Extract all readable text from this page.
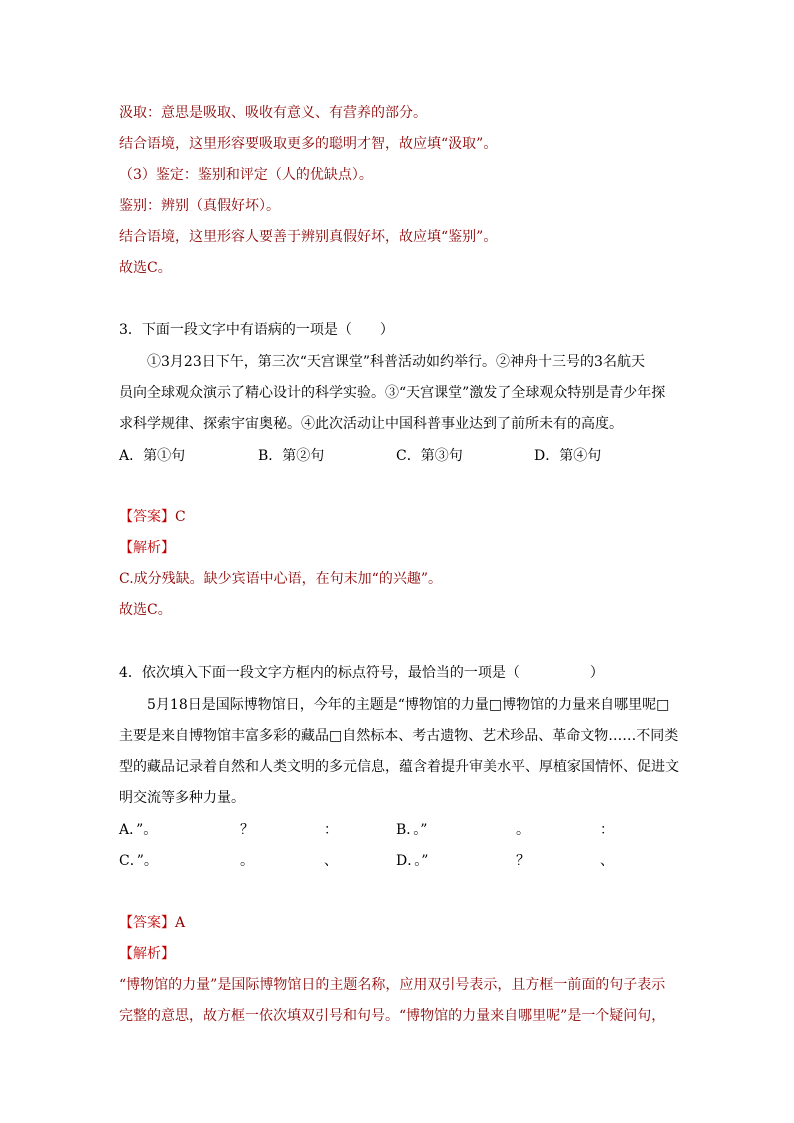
汲取：意思是吸取、吸收有意义、有营养的部分。
结合语境，这里形容要吸取更多的聪明才智，故应填“汲取”。
（3）鉴定：鉴别和评定（人的优缺点）。
鉴别：辨别（真假好坏）。
结合语境，这里形容人要善于辨别真假好坏，故应填“鉴别”。
故选C。
3．下面一段文字中有语病的一项是（　　）
①3月23日下午，第三次“天宫课堂”科普活动如约举行。②神舟十三号的3名航天
员向全球观众演示了精心设计的科学实验。③“天宫课堂”激发了全球观众特别是青少年探
求科学规律、探索宇宙奥秘。④此次活动让中国科普事业达到了前所未有的高度。
A．第①句	B．第②句	C．第③句	D．第④句
【答案】C
【解析】
C.成分残缺。缺少宾语中心语，在句末加“的兴趣”。
故选C。
4．依次填入下面一段文字方框内的标点符号，最恰当的一项是（　　　　　）
5月18日是国际博物馆日，今年的主题是“博物馆的力量□博物馆的力量来自哪里呢□
主要是来自博物馆丰富多彩的藏品□自然标本、考古遗物、艺术珍品、革命文物……不同类
型的藏品记录着自然和人类文明的多元信息，蕴含着提升审美水平、厚植家国情怀、促进文
明交流等多种力量。
A．”。	？	：	B．。”	。	：
C．”。	。	、	D．。”	？	、
【答案】A
【解析】
“博物馆的力量”是国际博物馆日的主题名称，应用双引号表示，且方框一前面的句子表示
完整的意思，故方框一依次填双引号和句号。“博物馆的力量来自哪里呢”是一个疑问句，
